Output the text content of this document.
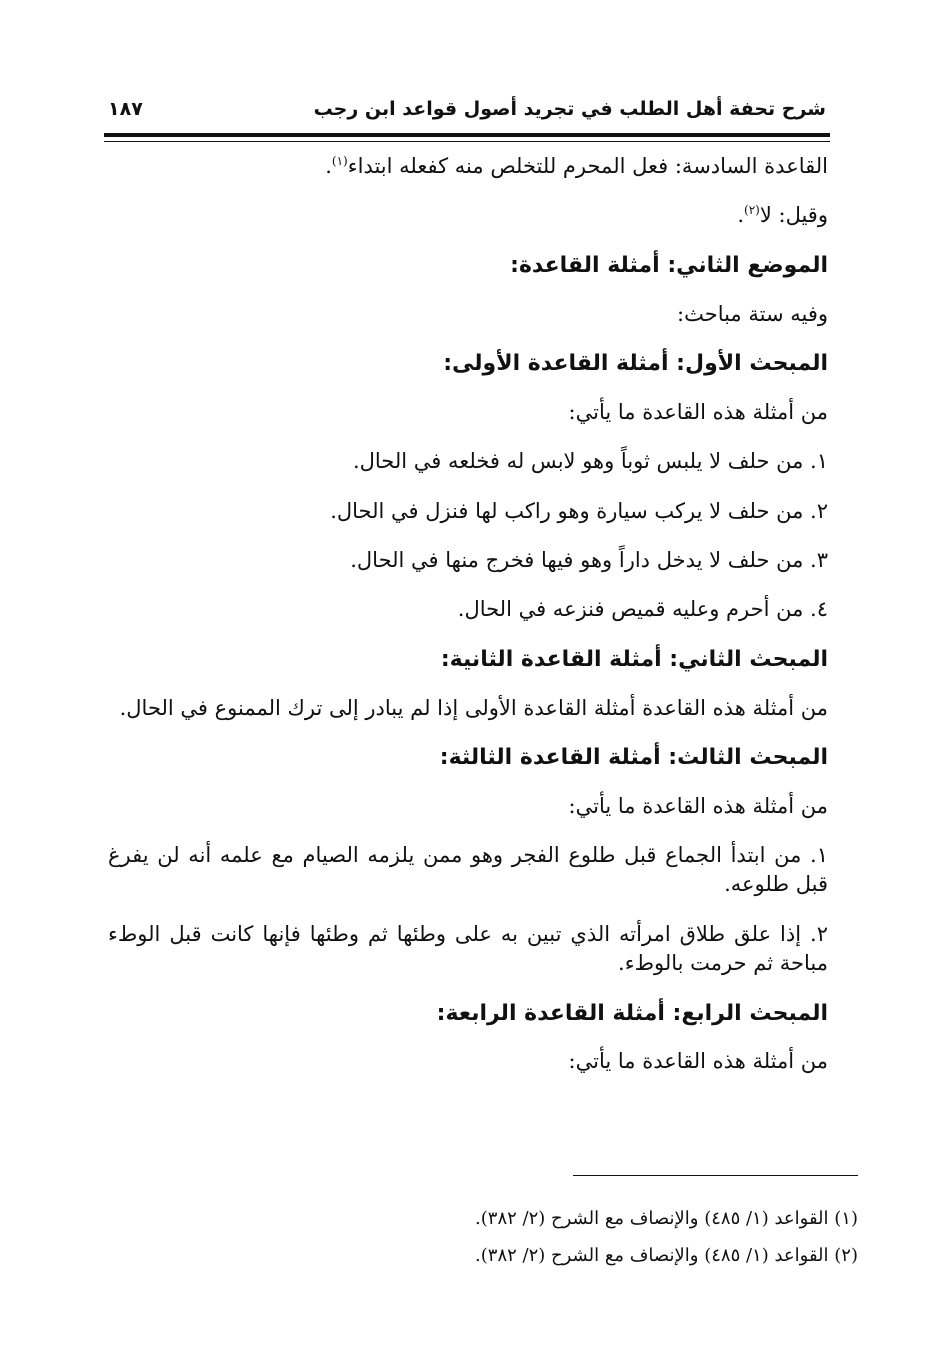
شرح تحفة أهل الطلب في تجريد أصول قواعد ابن رجب
١٨٧

القاعدة السادسة: فعل المحرم للتخلص منه كفعله ابتداء$^{(١)}$.

وقيل: لا$^{(٢)}$.

الموضع الثاني: أمثلة القاعدة:

وفيه ستة مباحث:

المبحث الأول: أمثلة القاعدة الأولى:

من أمثلة هذه القاعدة ما يأتي:

١. من حلف لا يلبس ثوباً وهو لابس له فخلعه في الحال.

٢. من حلف لا يركب سيارة وهو راكب لها فنزل في الحال.

٣. من حلف لا يدخل داراً وهو فيها فخرج منها في الحال.

٤. من أحرم وعليه قميص فنزعه في الحال.

المبحث الثاني: أمثلة القاعدة الثانية:

من أمثلة هذه القاعدة أمثلة القاعدة الأولى إذا لم يبادر إلى ترك الممنوع في الحال.

المبحث الثالث: أمثلة القاعدة الثالثة:

من أمثلة هذه القاعدة ما يأتي:

١. من ابتدأ الجماع قبل طلوع الفجر وهو ممن يلزمه الصيام مع علمه أنه لن يفرغ قبل طلوعه.

٢. إذا علق طلاق امرأته الذي تبين به على وطئها ثم وطئها فإنها كانت قبل الوطء مباحة ثم حرمت بالوطء.

المبحث الرابع: أمثلة القاعدة الرابعة:

من أمثلة هذه القاعدة ما يأتي:

(١) القواعد (١/ ٤٨٥) والإنصاف مع الشرح (٢/ ٣٨٢).

(٢) القواعد (١/ ٤٨٥) والإنصاف مع الشرح (٢/ ٣٨٢).
